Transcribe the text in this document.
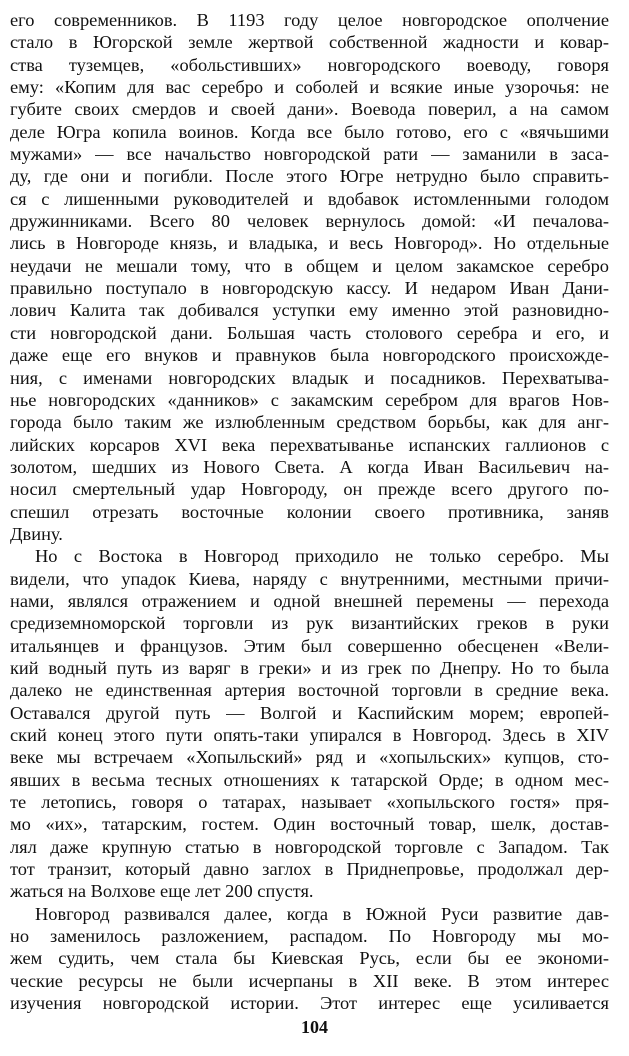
его современников. В 1193 году целое новгородское ополчение
стало в Югорской земле жертвой собственной жадности и ковар-
ства туземцев, «обольстивших» новгородского воеводу, говоря
ему: «Копим для вас серебро и соболей и всякие иные узорочья: не
губите своих смердов и своей дани». Воевода поверил, а на самом
деле Югра копила воинов. Когда все было готово, его с «вячьшими
мужами» — все начальство новгородской рати — заманили в заса-
ду, где они и погибли. После этого Югре нетрудно было справить-
ся с лишенными руководителей и вдобавок истомленными голодом
дружинниками. Всего 80 человек вернулось домой: «И печалова-
лись в Новгороде князь, и владыка, и весь Новгород». Но отдельные
неудачи не мешали тому, что в общем и целом закамское серебро
правильно поступало в новгородскую кассу. И недаром Иван Дани-
лович Калита так добивался уступки ему именно этой разновидно-
сти новгородской дани. Большая часть столового серебра и его, и
даже еще его внуков и правнуков была новгородского происхожде-
ния, с именами новгородских владык и посадников. Перехватыва-
нье новгородских «данников» с закамским серебром для врагов Нов-
города было таким же излюбленным средством борьбы, как для анг-
лийских корсаров XVI века перехватыванье испанских галлионов с
золотом, шедших из Нового Света. А когда Иван Васильевич на-
носил смертельный удар Новгороду, он прежде всего другого по-
спешил отрезать восточные колонии своего противника, заняв
Двину.
Но с Востока в Новгород приходило не только серебро. Мы
видели, что упадок Киева, наряду с внутренними, местными причи-
нами, являлся отражением и одной внешней перемены — перехода
средиземноморской торговли из рук византийских греков в руки
итальянцев и французов. Этим был совершенно обесценен «Вели-
кий водный путь из варяг в греки» и из грек по Днепру. Но то была
далеко не единственная артерия восточной торговли в средние века.
Оставался другой путь — Волгой и Каспийским морем; европей-
ский конец этого пути опять-таки упирался в Новгород. Здесь в XIV
веке мы встречаем «Хопыльский» ряд и «хопыльских» купцов, сто-
явших в весьма тесных отношениях к татарской Орде; в одном мес-
те летопись, говоря о татарах, называет «хопыльского гостя» пря-
мо «их», татарским, гостем. Один восточный товар, шелк, достав-
лял даже крупную статью в новгородской торговле с Западом. Так
тот транзит, который давно заглох в Приднепровье, продолжал дер-
жаться на Волхове еще лет 200 спустя.
Новгород развивался далее, когда в Южной Руси развитие дав-
но заменилось разложением, распадом. По Новгороду мы мо-
жем судить, чем стала бы Киевская Русь, если бы ее экономи-
ческие ресурсы не были исчерпаны в XII веке. В этом интерес
изучения новгородской истории. Этот интерес еще усиливается
104
